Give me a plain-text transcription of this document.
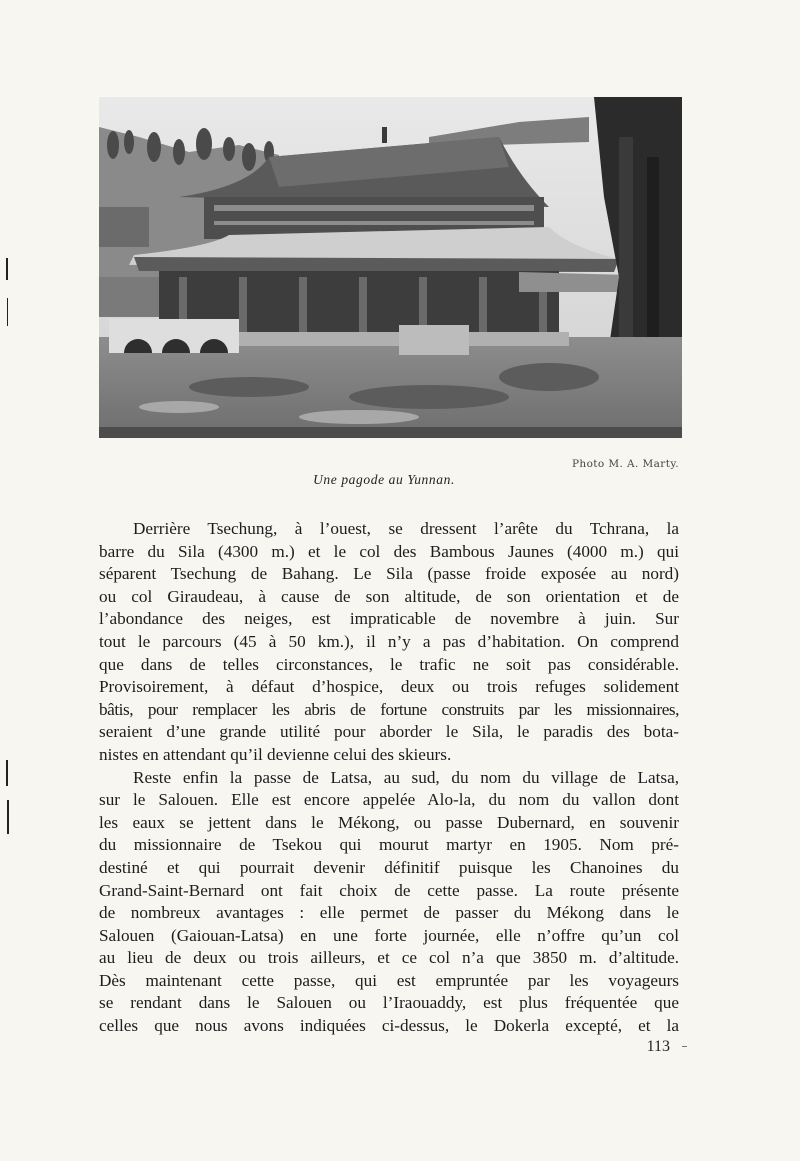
Photo M. A. Marty.
Une pagode au Yunnan.
Derrière Tsechung, à l’ouest, se dressent l’arête du Tchrana, la
barre du Sila (4300 m.) et le col des Bambous Jaunes (4000 m.) qui
séparent Tsechung de Bahang. Le Sila (passe froide exposée au nord)
ou col Giraudeau, à cause de son altitude, de son orientation et de
l’abondance des neiges, est impraticable de novembre à juin. Sur
tout le parcours (45 à 50 km.), il n’y a pas d’habitation. On comprend
que dans de telles circonstances, le trafic ne soit pas considérable.
Provisoirement, à défaut d’hospice, deux ou trois refuges solidement
bâtis, pour remplacer les abris de fortune construits par les missionnaires,
seraient d’une grande utilité pour aborder le Sila, le paradis des bota-
nistes en attendant qu’il devienne celui des skieurs.
Reste enfin la passe de Latsa, au sud, du nom du village de Latsa,
sur le Salouen. Elle est encore appelée Alo-la, du nom du vallon dont
les eaux se jettent dans le Mékong, ou passe Dubernard, en souvenir
du missionnaire de Tsekou qui mourut martyr en 1905. Nom pré-
destiné et qui pourrait devenir définitif puisque les Chanoines du
Grand-Saint-Bernard ont fait choix de cette passe. La route présente
de nombreux avantages : elle permet de passer du Mékong dans le
Salouen (Gaiouan-Latsa) en une forte journée, elle n’offre qu’un col
au lieu de deux ou trois ailleurs, et ce col n’a que 3850 m. d’altitude.
Dès maintenant cette passe, qui est empruntée par les voyageurs
se rendant dans le Salouen ou l’Iraouaddy, est plus fréquentée que
celles que nous avons indiquées ci-dessus, le Dokerla excepté, et la
113
